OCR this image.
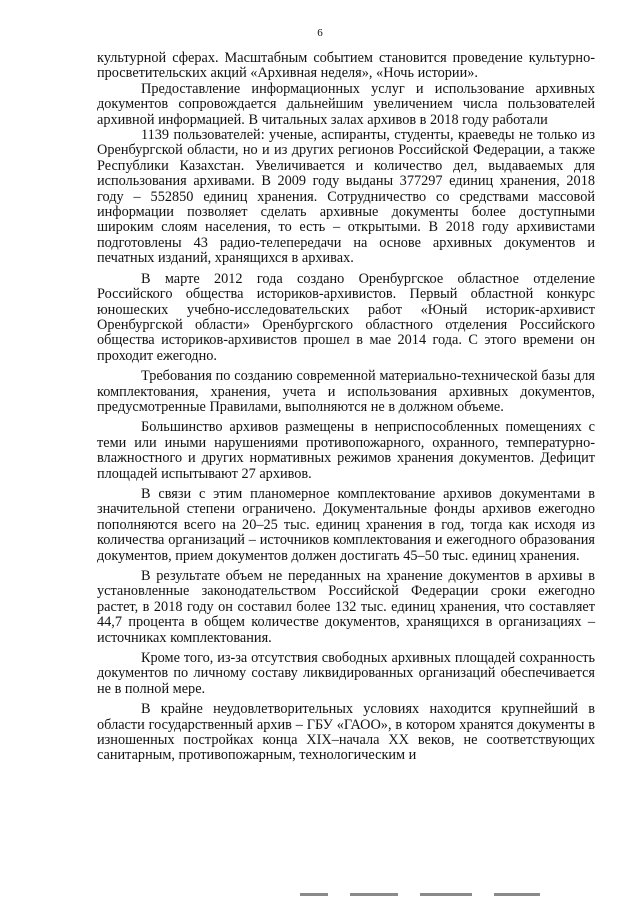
6

культурной сферах. Масштабным событием становится проведение культурно-просветительских акций «Архивная неделя», «Ночь истории».

Предоставление информационных услуг и использование архивных документов сопровождается дальнейшим увеличением числа пользователей архивной информацией. В читальных залах архивов в 2018 году работали

1139 пользователей: ученые, аспиранты, студенты, краеведы не только из Оренбургской области, но и из других регионов Российской Федерации, а также Республики Казахстан. Увеличивается и количество дел, выдаваемых для использования архивами. В 2009 году выданы 377297 единиц хранения, 2018 году – 552850 единиц хранения. Сотрудничество со средствами массовой информации позволяет сделать архивные документы более доступными широким слоям населения, то есть – открытыми. В 2018 году архивистами подготовлены 43 радио-телепередачи на основе архивных документов и печатных изданий, хранящихся в архивах.

В марте 2012 года создано Оренбургское областное отделение Российского общества историков-архивистов. Первый областной конкурс юношеских учебно-исследовательских работ «Юный историк-архивист Оренбургской области» Оренбургского областного отделения Российского общества историков-архивистов прошел в мае 2014 года. С этого времени он проходит ежегодно.

Требования по созданию современной материально-технической базы для комплектования, хранения, учета и использования архивных документов, предусмотренные Правилами, выполняются не в должном объеме.

Большинство архивов размещены в неприспособленных помещениях с теми или иными нарушениями противопожарного, охранного, температурно-влажностного и других нормативных режимов хранения документов. Дефицит площадей испытывают 27 архивов.

В связи с этим планомерное комплектование архивов документами в значительной степени ограничено. Документальные фонды архивов ежегодно пополняются всего на 20–25 тыс. единиц хранения в год, тогда как исходя из количества организаций – источников комплектования и ежегодного образования документов, прием документов должен достигать 45–50 тыс. единиц хранения.

В результате объем не переданных на хранение документов в архивы в установленные законодательством Российской Федерации сроки ежегодно растет, в 2018 году он составил более 132 тыс. единиц хранения, что составляет 44,7 процента в общем количестве документов, хранящихся в организациях – источниках комплектования.

Кроме того, из-за отсутствия свободных архивных площадей сохранность документов по личному составу ликвидированных организаций обеспечивается не в полной мере.

В крайне неудовлетворительных условиях находится крупнейший в области государственный архив – ГБУ «ГАОО», в котором хранятся документы в изношенных постройках конца XIX–начала XX веков, не соответствующих санитарным, противопожарным, технологическим и
